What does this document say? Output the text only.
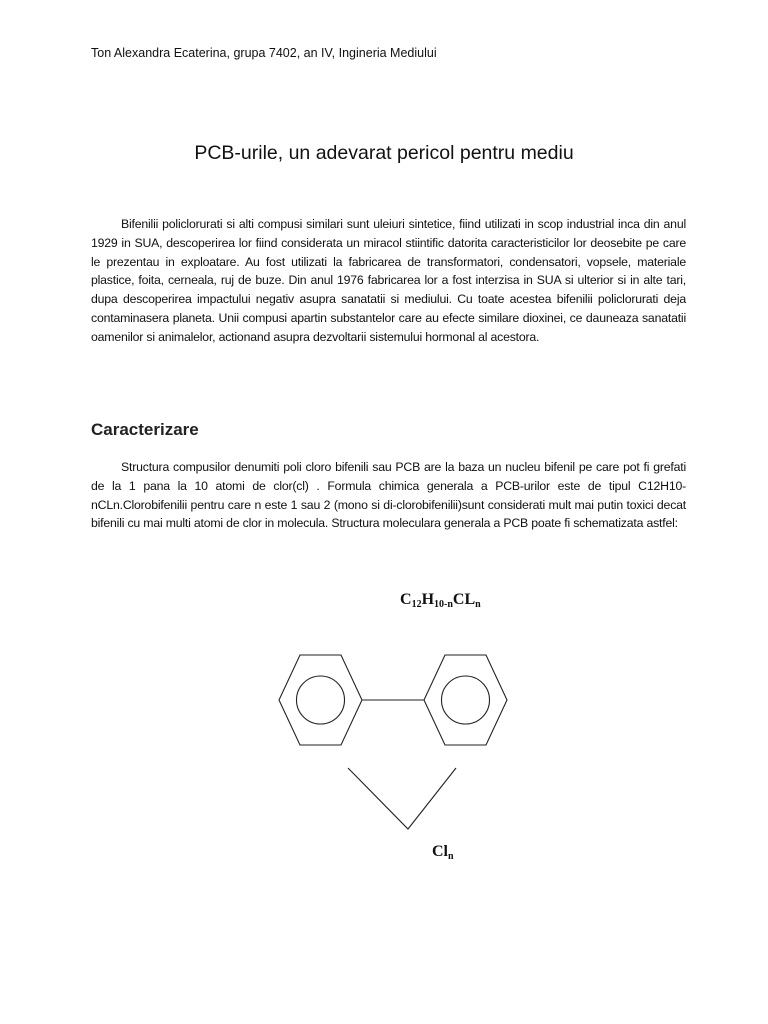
Ton Alexandra Ecaterina, grupa 7402, an IV, Ingineria Mediului
PCB-urile, un adevarat pericol pentru mediu

Bifenilii policlorurati si alti compusi similari sunt uleiuri sintetice, fiind utilizati in scop industrial inca din anul 1929 in SUA, descoperirea lor fiind considerata un miracol stiintific datorita caracteristicilor lor deosebite pe care le prezentau in exploatare. Au fost utilizati la fabricarea de transformatori, condensatori, vopsele, materiale plastice, foita, cerneala, ruj de buze. Din anul 1976 fabricarea lor a fost interzisa in SUA si ulterior si in alte tari, dupa descoperirea impactului negativ asupra sanatatii si mediului. Cu toate acestea bifenilii policlorurati deja contaminasera planeta. Unii compusi apartin substantelor care au efecte similare dioxinei, ce dauneaza sanatatii oamenilor si animalelor, actionand asupra dezvoltarii sistemului hormonal al acestora.

Caracterizare

Structura compusilor denumiti poli cloro bifenili sau PCB are la baza un nucleu bifenil pe care pot fi grefati de la 1 pana la 10 atomi de clor(cl) . Formula chimica generala a PCB-urilor este de tipul C12H10-nCLn.Clorobifenilii pentru care n este 1 sau 2 (mono si di-clorobifenilii)sunt considerati mult mai putin toxici decat bifenili cu mai multi atomi de clor in molecula. Structura moleculara generala a PCB poate fi schematizata astfel:

$C_{12}H_{10-n}CL_n$
$Cl_n$
